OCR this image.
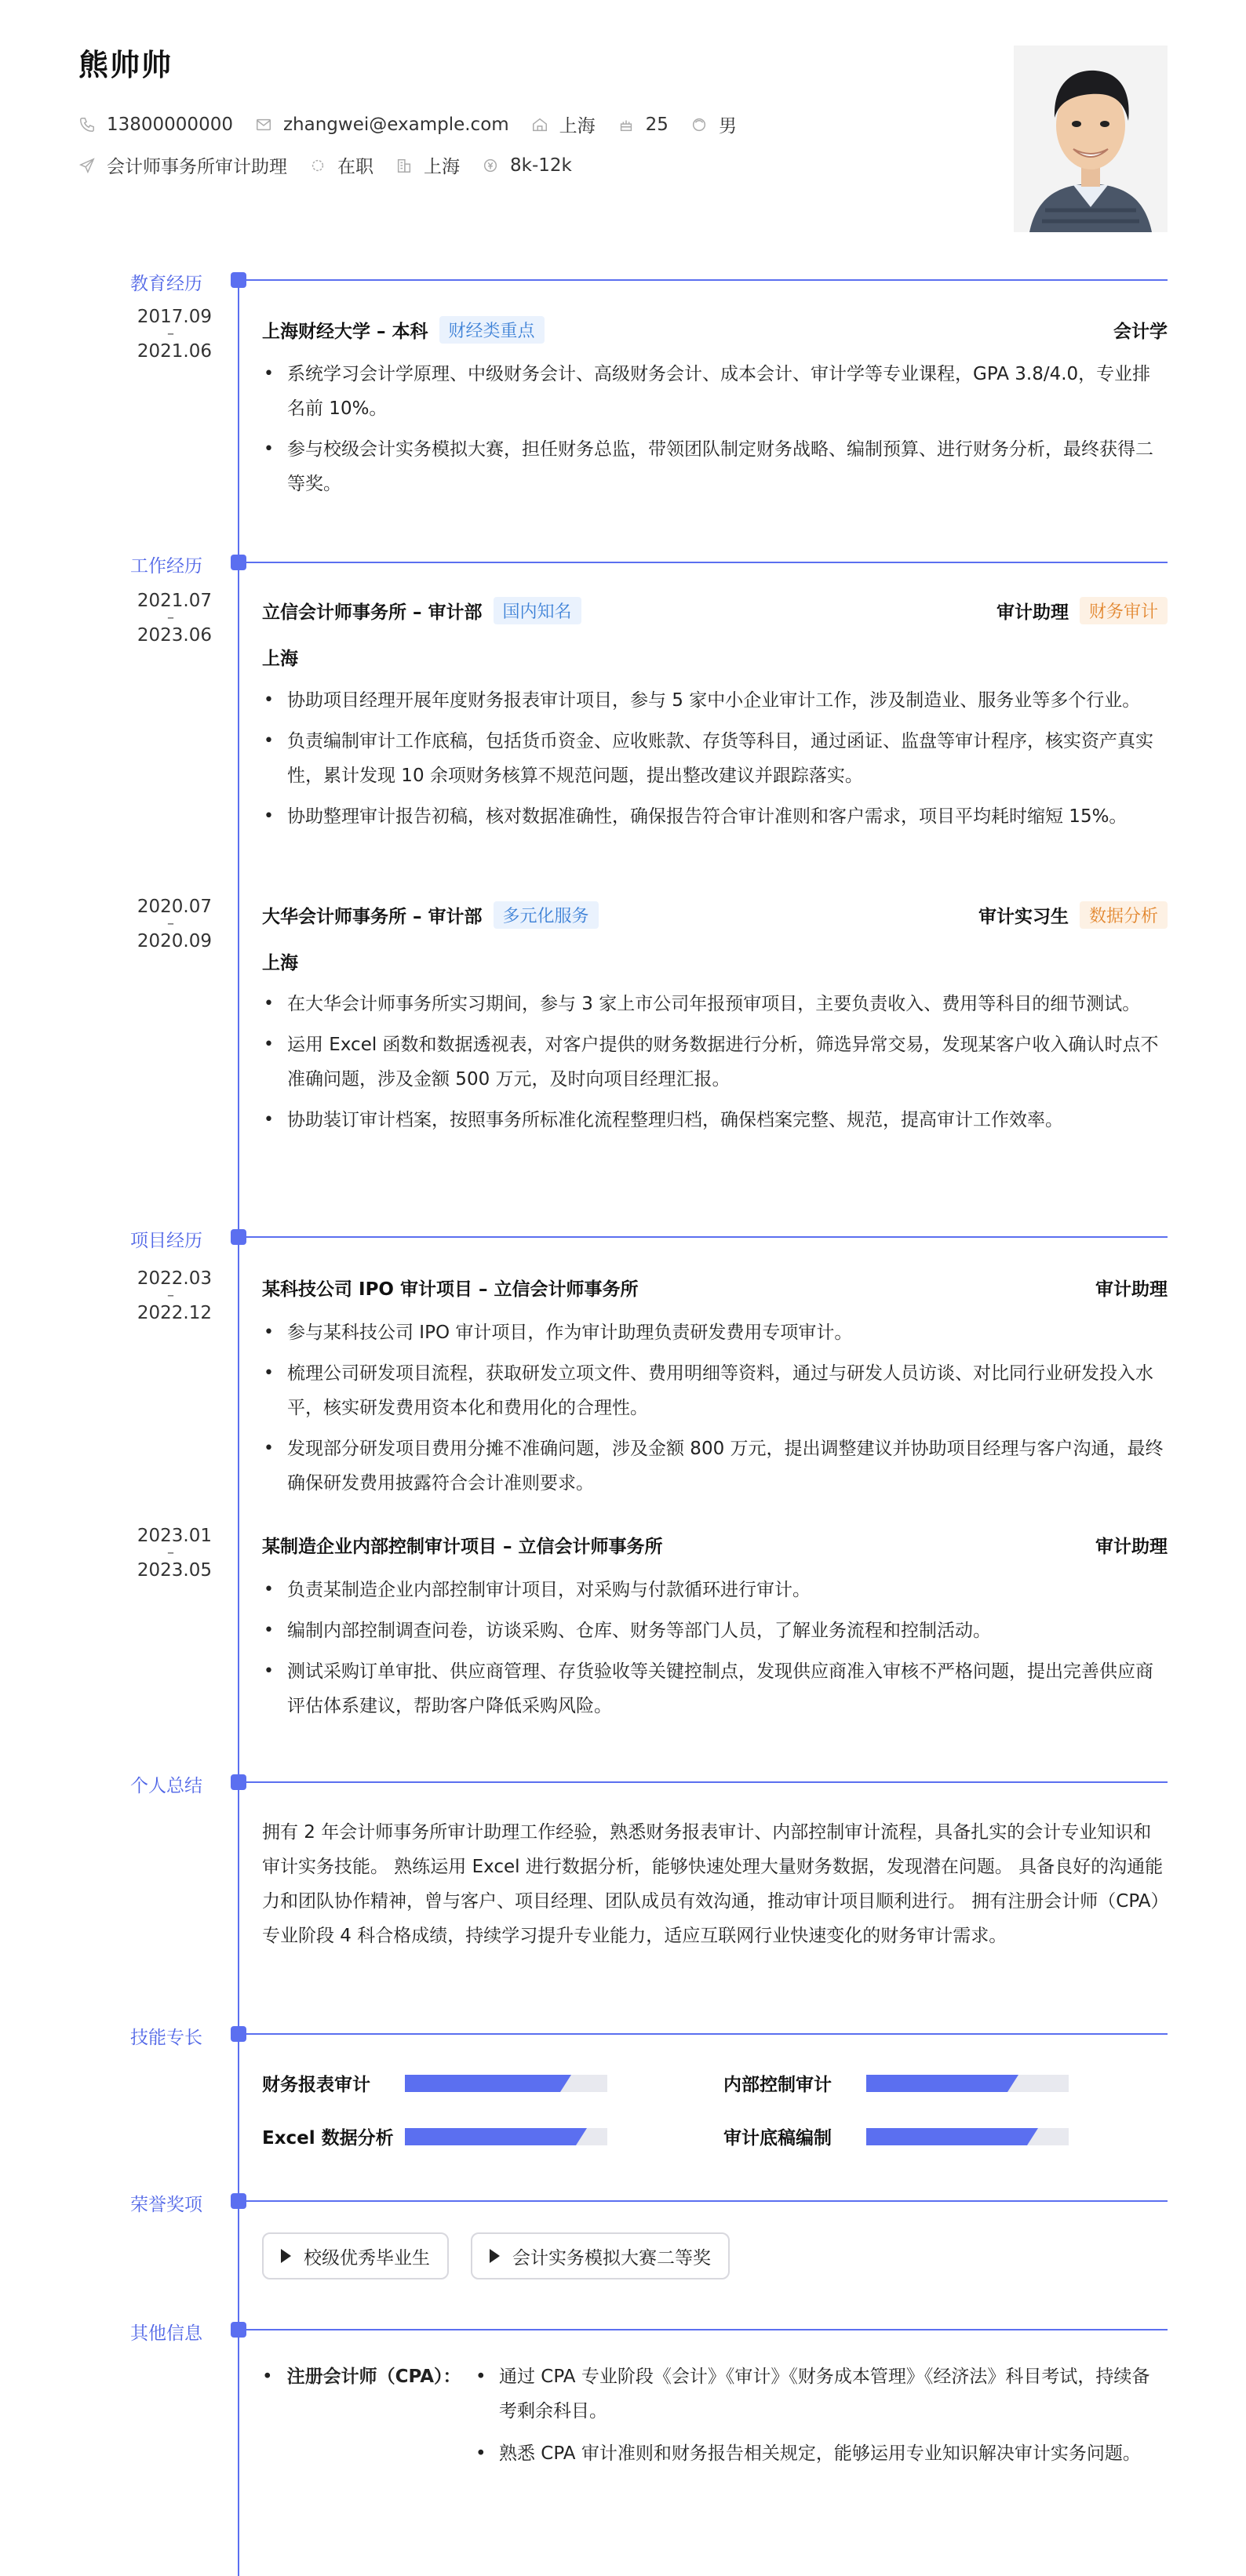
熊帅帅
13800000000	zhangwei@example.com	上海	25	男
会计师事务所审计助理	在职	上海	8k-12k
教育经历
2017.09
–
2021.06
上海财经大学 – 本科	财经类重点	会计学
• 系统学习会计学原理、中级财务会计、高级财务会计、成本会计、审计学等专业课程，GPA 3.8/4.0，专业排名前 10%。
• 参与校级会计实务模拟大赛，担任财务总监，带领团队制定财务战略、编制预算、进行财务分析，最终获得二等奖。
工作经历
2021.07
–
2023.06
立信会计师事务所 – 审计部	国内知名	审计助理	财务审计
上海
• 协助项目经理开展年度财务报表审计项目，参与 5 家中小企业审计工作，涉及制造业、服务业等多个行业。
• 负责编制审计工作底稿，包括货币资金、应收账款、存货等科目，通过函证、监盘等审计程序，核实资产真实性，累计发现 10 余项财务核算不规范问题，提出整改建议并跟踪落实。
• 协助整理审计报告初稿，核对数据准确性，确保报告符合审计准则和客户需求，项目平均耗时缩短 15%。
2020.07
–
2020.09
大华会计师事务所 – 审计部	多元化服务	审计实习生	数据分析
上海
• 在大华会计师事务所实习期间，参与 3 家上市公司年报预审项目，主要负责收入、费用等科目的细节测试。
• 运用 Excel 函数和数据透视表，对客户提供的财务数据进行分析，筛选异常交易，发现某客户收入确认时点不准确问题，涉及金额 500 万元，及时向项目经理汇报。
• 协助装订审计档案，按照事务所标准化流程整理归档，确保档案完整、规范，提高审计工作效率。
项目经历
2022.03
–
2022.12
某科技公司 IPO 审计项目 – 立信会计师事务所	审计助理
• 参与某科技公司 IPO 审计项目，作为审计助理负责研发费用专项审计。
• 梳理公司研发项目流程，获取研发立项文件、费用明细等资料，通过与研发人员访谈、对比同行业研发投入水平，核实研发费用资本化和费用化的合理性。
• 发现部分研发项目费用分摊不准确问题，涉及金额 800 万元，提出调整建议并协助项目经理与客户沟通，最终确保研发费用披露符合会计准则要求。
2023.01
–
2023.05
某制造企业内部控制审计项目 – 立信会计师事务所	审计助理
• 负责某制造企业内部控制审计项目，对采购与付款循环进行审计。
• 编制内部控制调查问卷，访谈采购、仓库、财务等部门人员，了解业务流程和控制活动。
• 测试采购订单审批、供应商管理、存货验收等关键控制点，发现供应商准入审核不严格问题，提出完善供应商评估体系建议，帮助客户降低采购风险。
个人总结
拥有 2 年会计师事务所审计助理工作经验，熟悉财务报表审计、内部控制审计流程，具备扎实的会计专业知识和审计实务技能。 熟练运用 Excel 进行数据分析，能够快速处理大量财务数据，发现潜在问题。 具备良好的沟通能力和团队协作精神，曾与客户、项目经理、团队成员有效沟通，推动审计项目顺利进行。 拥有注册会计师（CPA）专业阶段 4 科合格成绩，持续学习提升专业能力，适应互联网行业快速变化的财务审计需求。
技能专长
财务报表审计	内部控制审计
Excel 数据分析	审计底稿编制
荣誉奖项
校级优秀毕业生	会计实务模拟大赛二等奖
其他信息
• 注册会计师（CPA）：
•	通过 CPA 专业阶段《会计》《审计》《财务成本管理》《经济法》科目考试，持续备考剩余科目。
• 熟悉 CPA 审计准则和财务报告相关规定，能够运用专业知识解决审计实务问题。
